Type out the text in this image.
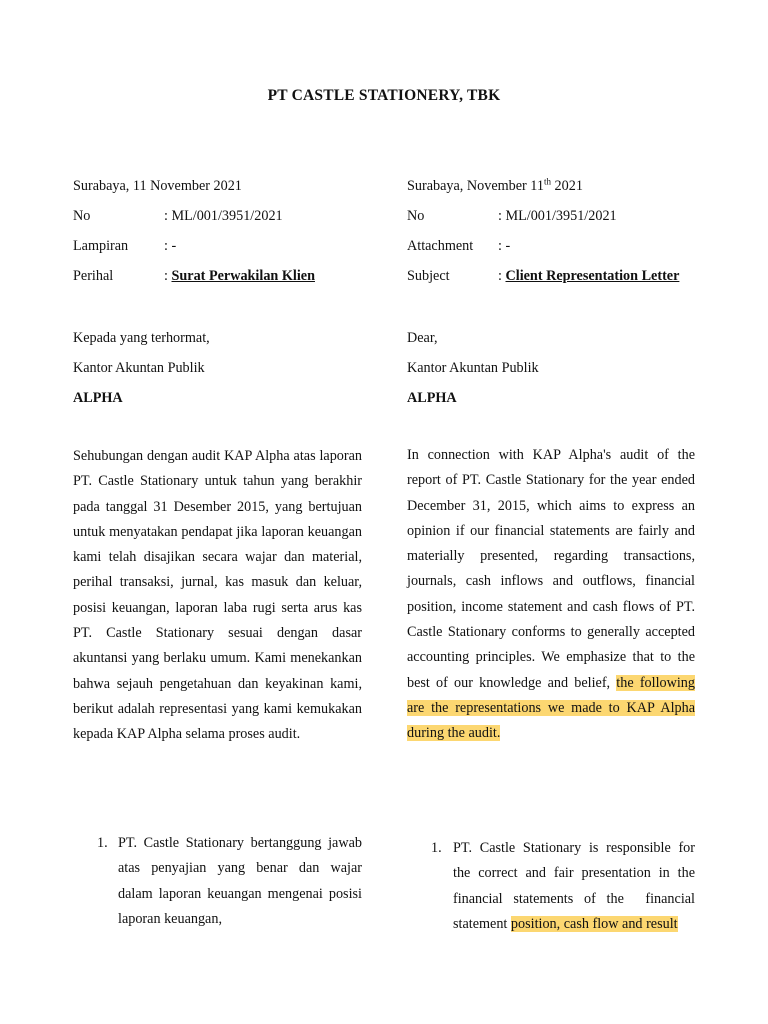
PT CASTLE STATIONERY, TBK
Surabaya, 11 November 2021
No	: ML/001/3951/2021
Lampiran	: -
Perihal	: Surat Perwakilan Klien
Kepada yang terhormat,
Kantor Akuntan Publik
ALPHA
Sehubungan dengan audit KAP Alpha atas laporan PT. Castle Stationary untuk tahun yang berakhir pada tanggal 31 Desember 2015, yang bertujuan untuk menyatakan pendapat jika laporan keuangan kami telah disajikan secara wajar dan material, perihal transaksi, jurnal, kas masuk dan keluar, posisi keuangan, laporan laba rugi serta arus kas PT. Castle Stationary sesuai dengan dasar akuntansi yang berlaku umum. Kami menekankan bahwa sejauh pengetahuan dan keyakinan kami, berikut adalah representasi yang kami kemukakan kepada KAP Alpha selama proses audit.
1. PT. Castle Stationary bertanggung jawab atas penyajian yang benar dan wajar dalam laporan keuangan mengenai posisi laporan keuangan,
Surabaya, November 11th 2021
No	: ML/001/3951/2021
Attachment : -
Subject	: Client Representation Letter
Dear,
Kantor Akuntan Publik
ALPHA
In connection with KAP Alpha's audit of the report of PT. Castle Stationary for the year ended December 31, 2015, which aims to express an opinion if our financial statements are fairly and materially presented, regarding transactions, journals, cash inflows and outflows, financial position, income statement and cash flows of PT. Castle Stationary conforms to generally accepted accounting principles. We emphasize that to the best of our knowledge and belief, the following are the representations we made to KAP Alpha during the audit.
1. PT. Castle Stationary is responsible for the correct and fair presentation in the financial statements of the  financial statement position, cash flow and result
